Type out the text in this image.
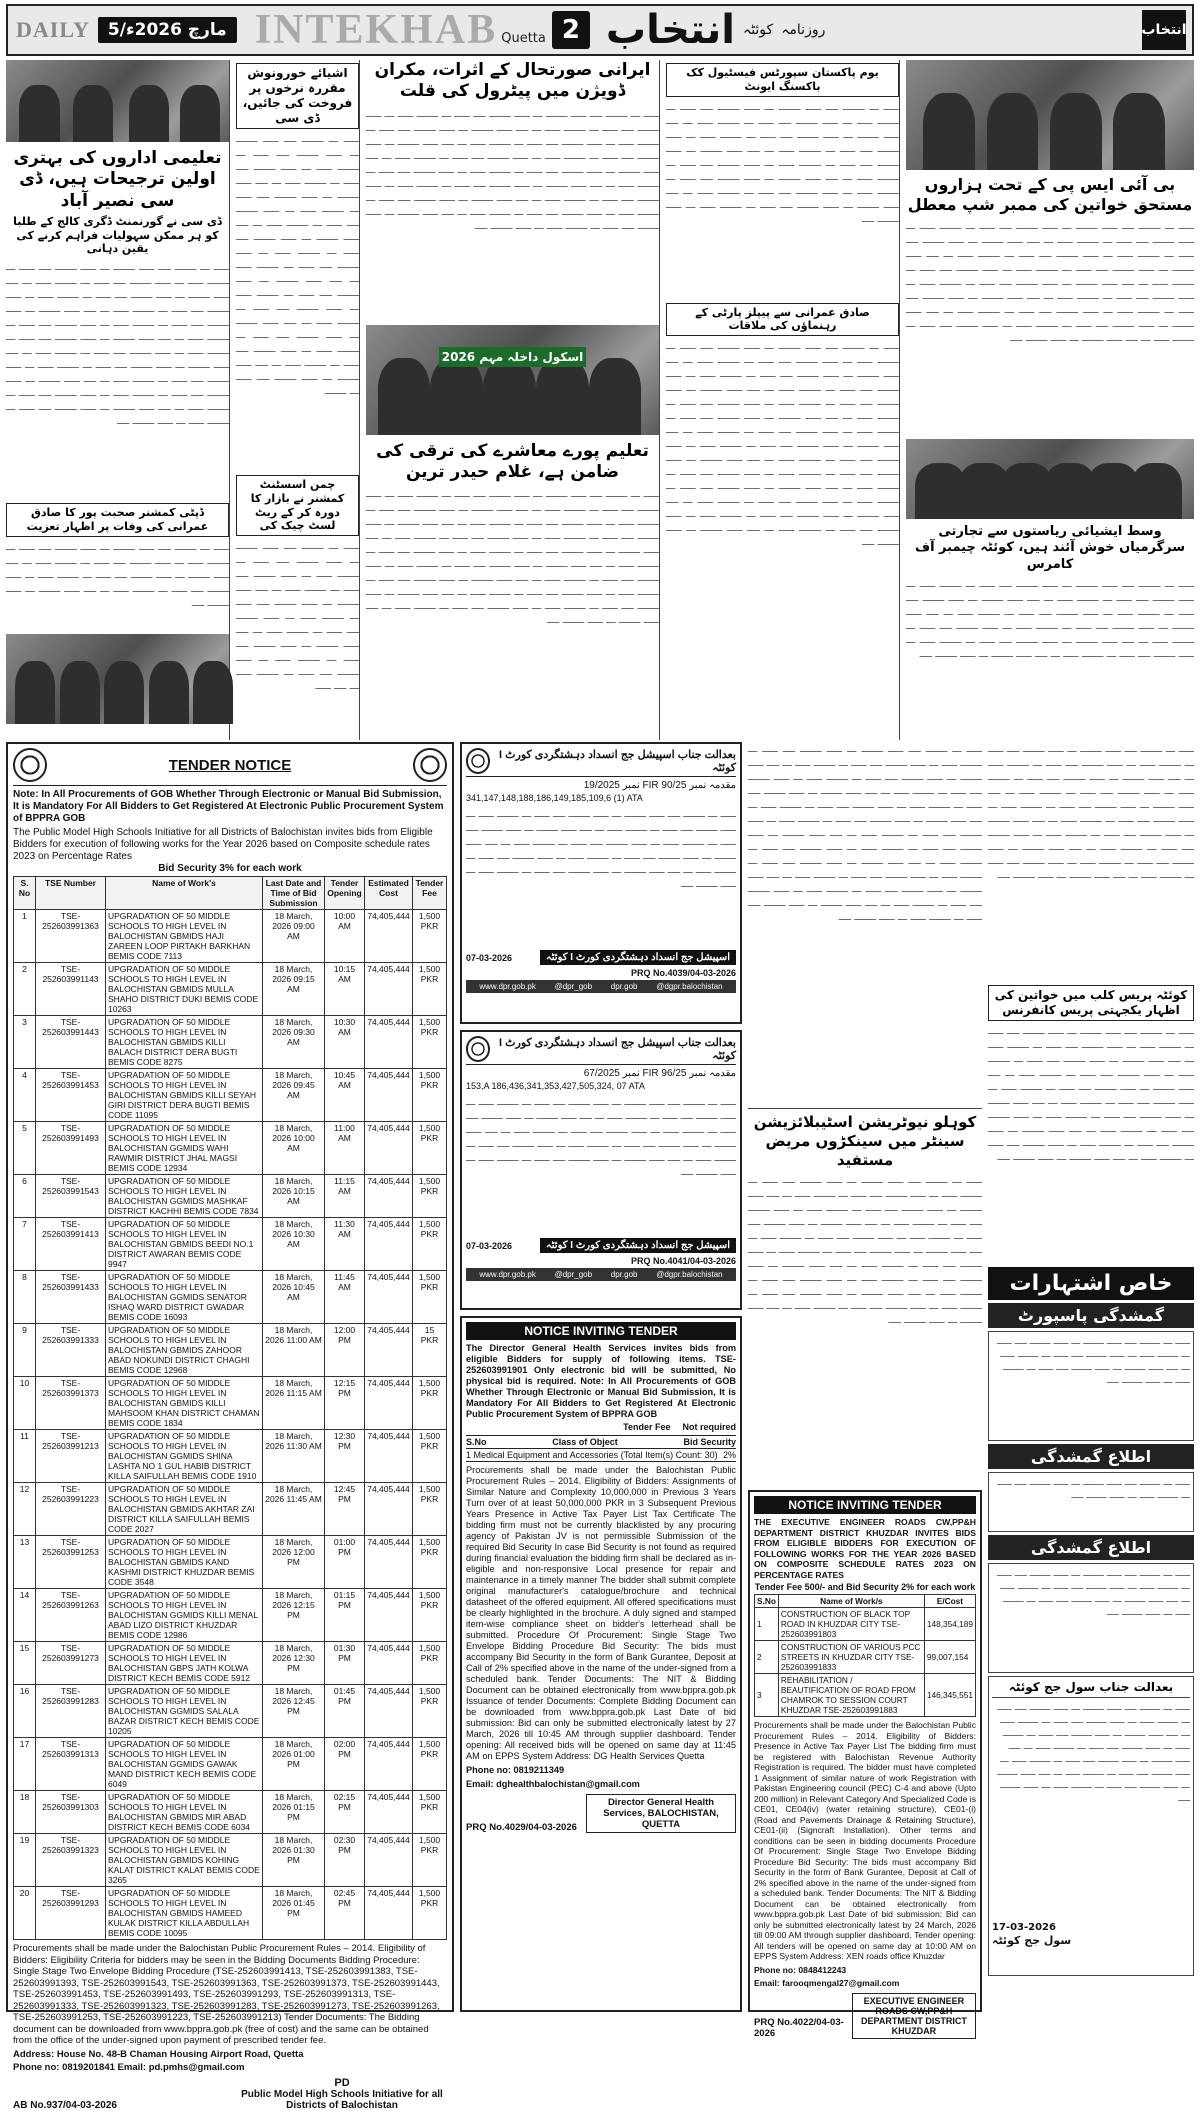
DAILY	5/مارچ 2026ء INTEKHAB Quetta 2 انتخاب کوئٹہ روزنامہ	انتخاب
تعلیمی اداروں کی بہتری اولین ترجیحات ہیں، ڈی سی نصیر آباد
ڈی سی نے گورنمنٹ ڈگری کالج کے طلبا کو ہر ممکن سہولیات فراہم کرنے کی یقین دہانی
ـــــ ـــ ـــــــ ــــ ـــــ ـــــــ ـــ ـــــ ـــــــ ــــ ـــــ ـــ ـــــــ ـــــ ـــ ـــــ ـــــــ ــــ ـــــ ـــ ـــــــ ـــــ ـــ ــــ ـــــ ـــــــ ـــ ـــــ ـــــــ ــــ ـــــ ـــ ـــــــ ـــــ ـــ ـــــ ـــــــ ــــ ـــــ ـــ ـــــــ ـــــ ـــ ــــ ـــــ ـــــــ ـــ ـــــ ـــــــ ــــ ـــــ ـــ ـــــــ ـــــ ـــ ـــــ ـــــــ ــــ ـــــ ـــ ـــــــ ـــــ ـــ ــــ ـــــ ـــــــ ـــ ـــــ ـــــــ ــــ ـــــ ـــ ـــــــ ـــــ ـــ ـــــ ـــــــ ــــ ـــــ ـــ ـــــــ ـــــ ـــ ــــ ـــــ ـــــــ ـــ ـــــ ـــــــ ــــ ـــــ ـــ ـــــــ ـــــ ـــ ـــــ ـــــــ ــــ ـــــ ـــ ـــــــ ـــــ ـــ ــــ ـــــ ـــــــ ـــ ـــــ ـــــــ ــــ ـــــ ـــ ـــــــ ـــــ ـــ ـــــ ـــــــ ــــ ـــــ ـــ ـــــــ ـــــ ـــ ــــ ـــــ ـــــــ ـــ ـــــ ـــــــ ــــ ـــــ ـــ ـــــــ ـــــ ـــ ـــــ ـــــــ ــــ
ڈپٹی کمشنر صحبت پور کا صادق عمرانی کی وفات پر اظہار تعزیت
ـــــ ـــ ـــــــ ــــ ـــــ ـــــــ ـــ ـــــ ـــــــ ــــ ـــــ ـــ ـــــــ ـــــ ـــ ـــــ ـــــــ ــــ ـــــ ـــ ـــــــ ـــــ ـــ ــــ ـــــ ـــــــ ـــ ـــــ ـــــــ ــــ ـــــ ـــ ـــــــ ـــــ ـــ ـــــ ـــــــ ــــ ـــــ ـــ ـــــــ ـــــ ـــ ــــ ـــــ ـــــــ ـــ ـــــ ـــــــ ــــ
اشیائے خورونوش مقررہ نرخوں پر فروخت کی جائیں، ڈی سی
ـــــ ـــ ـــــــ ــــ ـــــ ـــــــ ـــ ـــــ ـــــــ ــــ ـــــ ـــ ـــــــ ـــــ ـــ ـــــ ـــــــ ــــ ـــــ ـــ ـــــــ ـــــ ـــ ــــ ـــــ ـــــــ ـــ ـــــ ـــــــ ــــ ـــــ ـــ ـــــــ ـــــ ـــ ـــــ ـــــــ ــــ ـــــ ـــ ـــــــ ـــــ ـــ ــــ ـــــ ـــــــ ـــ ـــــ ـــــــ ــــ ـــــ ـــ ـــــــ ـــــ ـــ ـــــ ـــــــ ــــ ـــــ ـــ ـــــــ ـــــ ـــ ــــ ـــــ ـــــــ ـــ ـــــ ـــــــ ــــ ـــــ ـــ ـــــــ ـــــ ـــ ـــــ ـــــــ ــــ ـــــ ـــ ـــــــ ـــــ ـــ ــــ ـــــ ـــــــ ـــ ـــــ ـــــــ ــــ ـــــ ـــ ـــــــ ـــــ ـــ ـــــ ـــــــ ــــ ـــــ ـــ ـــــــ ـــــ ـــ ــــ ـــــ ـــــــ ـــ ـــــ ـــــــ ــــ ـــــ ـــ ـــــــ
چمن اسسٹنٹ کمشنر نے بازار کا دورہ کر کے ریٹ لسٹ چیک کی
ـــــ ـــ ـــــــ ــــ ـــــ ـــــــ ـــ ـــــ ـــــــ ــــ ـــــ ـــ ـــــــ ـــــ ـــ ـــــ ـــــــ ــــ ـــــ ـــ ـــــــ ـــــ ـــ ــــ ـــــ ـــــــ ـــ ـــــ ـــــــ ــــ ـــــ ـــ ـــــــ ـــــ ـــ ـــــ ـــــــ ــــ ـــــ ـــ ـــــــ ـــــ ـــ ــــ ـــــ ـــــــ ـــ ـــــ ـــــــ ــــ ـــــ ـــ ـــــــ ـــــ ـــ ـــــ ـــــــ ــــ ـــــ ـــ ـــــــ ـــــ ـــ ــــ ـــــ
ایرانی صورتحال کے اثرات، مکران ڈویژن میں پیٹرول کی قلت
ـــــ ـــ ـــــــ ــــ ـــــ ـــــــ ـــ ـــــ ـــــــ ــــ ـــــ ـــ ـــــــ ـــــ ـــ ـــــ ـــــــ ــــ ـــــ ـــ ـــــــ ـــــ ـــ ــــ ـــــ ـــــــ ـــ ـــــ ـــــــ ــــ ـــــ ـــ ـــــــ ـــــ ـــ ـــــ ـــــــ ــــ ـــــ ـــ ـــــــ ـــــ ـــ ــــ ـــــ ـــــــ ـــ ـــــ ـــــــ ــــ ـــــ ـــ ـــــــ ـــــ ـــ ـــــ ـــــــ ــــ ـــــ ـــ ـــــــ ـــــ ـــ ــــ ـــــ ـــــــ ـــ ـــــ ـــــــ ــــ ـــــ ـــ ـــــــ ـــــ ـــ ـــــ ـــــــ ــــ ـــــ ـــ ـــــــ ـــــ ـــ ــــ ـــــ ـــــــ ـــ ـــــ ـــــــ ــــ ـــــ ـــ ـــــــ ـــــ ـــ ـــــ ـــــــ ــــ ـــــ ـــ ـــــــ ـــــ ـــ ــــ ـــــ ـــــــ ـــ ـــــ ـــــــ ــــ ـــــ ـــ ـــــــ ـــــ ـــ ـــــ ـــــــ ــــ ـــــ ـــ ـــــــ ـــــ ـــ ــــ ـــــ ـــــــ ـــ ـــــ ـــــــ ــــ ـــــ ـــ ـــــــ ـــــ ـــ ـــــ ـــــــ ــــ
اسکول داخلہ مہم 2026
تعلیم پورے معاشرے کی ترقی کی ضامن ہے، غلام حیدر ترین
ـــــ ـــ ـــــــ ــــ ـــــ ـــــــ ـــ ـــــ ـــــــ ــــ ـــــ ـــ ـــــــ ـــــ ـــ ـــــ ـــــــ ــــ ـــــ ـــ ـــــــ ـــــ ـــ ــــ ـــــ ـــــــ ـــ ـــــ ـــــــ ــــ ـــــ ـــ ـــــــ ـــــ ـــ ـــــ ـــــــ ــــ ـــــ ـــ ـــــــ ـــــ ـــ ــــ ـــــ ـــــــ ـــ ـــــ ـــــــ ــــ ـــــ ـــ ـــــــ ـــــ ـــ ـــــ ـــــــ ــــ ـــــ ـــ ـــــــ ـــــ ـــ ــــ ـــــ ـــــــ ـــ ـــــ ـــــــ ــــ ـــــ ـــ ـــــــ ـــــ ـــ ـــــ ـــــــ ــــ ـــــ ـــ ـــــــ ـــــ ـــ ــــ ـــــ ـــــــ ـــ ـــــ ـــــــ ــــ ـــــ ـــ ـــــــ ـــــ ـــ ـــــ ـــــــ ــــ ـــــ ـــ ـــــــ ـــــ ـــ ــــ ـــــ ـــــــ ـــ ـــــ ـــــــ ــــ ـــــ ـــ ـــــــ ـــــ ـــ ـــــ ـــــــ ــــ ـــــ ـــ ـــــــ ـــــ ـــ ــــ ـــــ ـــــــ ـــ ـــــ ـــــــ ــــ ـــــ ـــ ـــــــ ـــــ ـــ ـــــ ـــــــ ــــ ـــــ ـــ ـــــــ ـــــ ـــ ــــ ـــــ ـــــــ ـــ ـــــ ـــــــ ــــ
یوم پاکستان سپورٹس فیسٹیول کک باکسنگ ایونٹ
ـــــ ـــ ـــــــ ــــ ـــــ ـــــــ ـــ ـــــ ـــــــ ــــ ـــــ ـــ ـــــــ ـــــ ـــ ـــــ ـــــــ ــــ ـــــ ـــ ـــــــ ـــــ ـــ ــــ ـــــ ـــــــ ـــ ـــــ ـــــــ ــــ ـــــ ـــ ـــــــ ـــــ ـــ ـــــ ـــــــ ــــ ـــــ ـــ ـــــــ ـــــ ـــ ــــ ـــــ ـــــــ ـــ ـــــ ـــــــ ــــ ـــــ ـــ ـــــــ ـــــ ـــ ـــــ ـــــــ ــــ ـــــ ـــ ـــــــ ـــــ ـــ ــــ ـــــ ـــــــ ـــ ـــــ ـــــــ ــــ ـــــ ـــ ـــــــ ـــــ ـــ ـــــ ـــــــ ــــ ـــــ ـــ ـــــــ ـــــ ـــ ــــ ـــــ ـــــــ ـــ ـــــ ـــــــ ــــ ـــــ ـــ ـــــــ ـــــ ـــ ـــــ ـــــــ ــــ
صادق عمرانی سے پیپلز پارٹی کے رہنماؤں کی ملاقات
ـــــ ـــ ـــــــ ــــ ـــــ ـــــــ ـــ ـــــ ـــــــ ــــ ـــــ ـــ ـــــــ ـــــ ـــ ـــــ ـــــــ ــــ ـــــ ـــ ـــــــ ـــــ ـــ ــــ ـــــ ـــــــ ـــ ـــــ ـــــــ ــــ ـــــ ـــ ـــــــ ـــــ ـــ ـــــ ـــــــ ــــ ـــــ ـــ ـــــــ ـــــ ـــ ــــ ـــــ ـــــــ ـــ ـــــ ـــــــ ــــ ـــــ ـــ ـــــــ ـــــ ـــ ـــــ ـــــــ ــــ ـــــ ـــ ـــــــ ـــــ ـــ ــــ ـــــ ـــــــ ـــ ـــــ ـــــــ ــــ ـــــ ـــ ـــــــ ـــــ ـــ ـــــ ـــــــ ــــ ـــــ ـــ ـــــــ ـــــ ـــ ــــ ـــــ ـــــــ ـــ ـــــ ـــــــ ــــ ـــــ ـــ ـــــــ ـــــ ـــ ـــــ ـــــــ ــــ ـــــ ـــ ـــــــ ـــــ ـــ ــــ ـــــ ـــــــ ـــ ـــــ ـــــــ ــــ ـــــ ـــ ـــــــ ـــــ ـــ ـــــ ـــــــ ــــ ـــــ ـــ ـــــــ ـــــ ـــ ــــ ـــــ ـــــــ ـــ ـــــ ـــــــ ــــ ـــــ ـــ ـــــــ ـــــ ـــ ـــــ ـــــــ ــــ ـــــ ـــ ـــــــ ـــــ ـــ ــــ ـــــ ـــــــ ـــ ـــــ ـــــــ ــــ ـــــ ـــ ـــــــ ـــــ ـــ ـــــ ـــــــ ــــ ـــــ ـــ ـــــــ ـــــ ـــ ــــ ـــــ ـــــــ ـــ ـــــ ـــــــ ــــ
بی آئی ایس پی کے تحت ہزاروں مستحق خواتین کی ممبر شپ معطل
ـــــ ـــ ـــــــ ــــ ـــــ ـــــــ ـــ ـــــ ـــــــ ــــ ـــــ ـــ ـــــــ ـــــ ـــ ـــــ ـــــــ ــــ ـــــ ـــ ـــــــ ـــــ ـــ ــــ ـــــ ـــــــ ـــ ـــــ ـــــــ ــــ ـــــ ـــ ـــــــ ـــــ ـــ ـــــ ـــــــ ــــ ـــــ ـــ ـــــــ ـــــ ـــ ــــ ـــــ ـــــــ ـــ ـــــ ـــــــ ــــ ـــــ ـــ ـــــــ ـــــ ـــ ـــــ ـــــــ ــــ ـــــ ـــ ـــــــ ـــــ ـــ ــــ ـــــ ـــــــ ـــ ـــــ ـــــــ ــــ ـــــ ـــ ـــــــ ـــــ ـــ ـــــ ـــــــ ــــ ـــــ ـــ ـــــــ ـــــ ـــ ــــ ـــــ ـــــــ ـــ ـــــ ـــــــ ــــ ـــــ ـــ ـــــــ ـــــ ـــ ـــــ ـــــــ ــــ ـــــ ـــ ـــــــ ـــــ ـــ ــــ ـــــ ـــــــ ـــ ـــــ ـــــــ ــــ ـــــ ـــ ـــــــ ـــــ ـــ ـــــ ـــــــ ــــ ـــــ ـــ ـــــــ ـــــ ـــ ــــ ـــــ ـــــــ ـــ ـــــ ـــــــ ــــ
وسط ایشیائی ریاستوں سے تجارتی سرگرمیاں خوش آئند ہیں، کوئٹہ چیمبر آف کامرس
ـــــ ـــ ـــــــ ــــ ـــــ ـــــــ ـــ ـــــ ـــــــ ــــ ـــــ ـــ ـــــــ ـــــ ـــ ـــــ ـــــــ ــــ ـــــ ـــ ـــــــ ـــــ ـــ ــــ ـــــ ـــــــ ـــ ـــــ ـــــــ ــــ ـــــ ـــ ـــــــ ـــــ ـــ ـــــ ـــــــ ــــ ـــــ ـــ ـــــــ ـــــ ـــ ــــ ـــــ ـــــــ ـــ ـــــ ـــــــ ــــ ـــــ ـــ ـــــــ ـــــ ـــ ـــــ ـــــــ ــــ ـــــ ـــ ـــــــ ـــــ ـــ ــــ ـــــ ـــــــ ـــ ـــــ ـــــــ ــــ ـــــ ـــ ـــــــ ـــــ ـــ ـــــ ـــــــ ــــ ـــــ ـــ ـــــــ ـــــ ـــ ــــ ـــــ ـــــــ ـــ ـــــ ـــــــ ــــ
TENDER NOTICE
Note: In All Procurements of GOB Whether Through Electronic or Manual Bid Submission, It is Mandatory For All Bidders to Get Registered At Electronic Public Procurement System of BPPRA GOB
The Public Model High Schools Initiative for all Districts of Balochistan invites bids from Eligible Bidders for execution of following works for the Year 2026 based on Composite schedule rates 2023 on Percentage Rates
Bid Security 3% for each work
S. No	TSE Number	Name of Work's	Last Date and Time of Bid Submission	Tender Opening	Estimated Cost	Tender Fee
1	TSE-252603991363	UPGRADATION OF 50 MIDDLE SCHOOLS TO HIGH LEVEL IN BALOCHISTAN GBMIDS HAJI ZAREEN LOOP PIRTAKH BARKHAN BEMIS CODE 7113	18 March, 2026 09:00 AM	10:00 AM	74,405,444	1,500 PKR
2	TSE-252603991143	UPGRADATION OF 50 MIDDLE SCHOOLS TO HIGH LEVEL IN BALOCHISTAN GBMIDS MULLA SHAHO DISTRICT DUKI BEMIS CODE 10263	18 March, 2026 09:15 AM	10:15 AM	74,405,444	1,500 PKR
3	TSE-252603991443	UPGRADATION OF 50 MIDDLE SCHOOLS TO HIGH LEVEL IN BALOCHISTAN GBMIDS KILLI BALACH DISTRICT DERA BUGTI BEMIS CODE 8275	18 March, 2026 09:30 AM	10:30 AM	74,405,444	1,500 PKR
4	TSE-252603991453	UPGRADATION OF 50 MIDDLE SCHOOLS TO HIGH LEVEL IN BALOCHISTAN GBMIDS KILLI SEYAH GIRI DISTRICT DERA BUGTI BEMIS CODE 11095	18 March, 2026 09:45 AM	10:45 AM	74,405,444	1,500 PKR
5	TSE-252603991493	UPGRADATION OF 50 MIDDLE SCHOOLS TO HIGH LEVEL IN BALOCHISTAN GGMIDS WAHI RAWMIR DISTRICT JHAL MAGSI BEMIS CODE 12934	18 March, 2026 10:00 AM	11:00 AM	74,405,444	1,500 PKR
6	TSE-252603991543	UPGRADATION OF 50 MIDDLE SCHOOLS TO HIGH LEVEL IN BALOCHISTAN GGMIDS MASHKAF DISTRICT KACHHI BEMIS CODE 7834	18 March, 2026 10:15 AM	11:15 AM	74,405,444	1,500 PKR
7	TSE-252603991413	UPGRADATION OF 50 MIDDLE SCHOOLS TO HIGH LEVEL IN BALOCHISTAN GBMIDS BEEDI NO.1 DISTRICT AWARAN BEMIS CODE 9947	18 March, 2026 10:30 AM	11:30 AM	74,405,444	1,500 PKR
8	TSE-252603991433	UPGRADATION OF 50 MIDDLE SCHOOLS TO HIGH LEVEL IN BALOCHISTAN GGMIDS SENATOR ISHAQ WARD DISTRICT GWADAR BEMIS CODE 16093	18 March, 2026 10:45 AM	11:45 AM	74,405,444	1,500 PKR
9	TSE-252603991333	UPGRADATION OF 50 MIDDLE SCHOOLS TO HIGH LEVEL IN BALOCHISTAN GBMIDS ZAHOOR ABAD NOKUNDI DISTRICT CHAGHI BEMIS CODE 12968	18 March, 2026 11:00 AM	12:00 PM	74,405,444	15 PKR
10	TSE-252603991373	UPGRADATION OF 50 MIDDLE SCHOOLS TO HIGH LEVEL IN BALOCHISTAN GBMIDS KILLI MAHSOOM KHAN DISTRICT CHAMAN BEMIS CODE 1834	18 March, 2026 11:15 AM	12:15 PM	74,405,444	1,500 PKR
11	TSE-252603991213	UPGRADATION OF 50 MIDDLE SCHOOLS TO HIGH LEVEL IN BALOCHISTAN GGMIDS SHINA LASHTA NO 1 GUL HABIB DISTRICT KILLA SAIFULLAH BEMIS CODE 1910	18 March, 2026 11:30 AM	12:30 PM	74,405,444	1,500 PKR
12	TSE-252603991223	UPGRADATION OF 50 MIDDLE SCHOOLS TO HIGH LEVEL IN BALOCHISTAN GBMIDS AKHTAR ZAI DISTRICT KILLA SAIFULLAH BEMIS CODE 2027	18 March, 2026 11:45 AM	12:45 PM	74,405,444	1,500 PKR
13	TSE-252603991253	UPGRADATION OF 50 MIDDLE SCHOOLS TO HIGH LEVEL IN BALOCHISTAN GBMIDS KAND KASHMI DISTRICT KHUZDAR BEMIS CODE 3548	18 March, 2026 12:00 PM	01:00 PM	74,405,444	1,500 PKR
14	TSE-252603991263	UPGRADATION OF 50 MIDDLE SCHOOLS TO HIGH LEVEL IN BALOCHISTAN GGMIDS KILLI MENAL ABAD LIZO DISTRICT KHUZDAR BEMIS CODE 12986	18 March, 2026 12:15 PM	01:15 PM	74,405,444	1,500 PKR
15	TSE-252603991273	UPGRADATION OF 50 MIDDLE SCHOOLS TO HIGH LEVEL IN BALOCHISTAN GBPS JATH KOLWA DISTRICT KECH BEMIS CODE 5912	18 March, 2026 12:30 PM	01:30 PM	74,405,444	1,500 PKR
16	TSE-252603991283	UPGRADATION OF 50 MIDDLE SCHOOLS TO HIGH LEVEL IN BALOCHISTAN GGMIDS SALALA BAZAR DISTRICT KECH BEMIS CODE 10205	18 March, 2026 12:45 PM	01:45 PM	74,405,444	1,500 PKR
17	TSE-252603991313	UPGRADATION OF 50 MIDDLE SCHOOLS TO HIGH LEVEL IN BALOCHISTAN GGMIDS GAWAK MAND DISTRICT KECH BEMIS CODE 6049	18 March, 2026 01:00 PM	02:00 PM	74,405,444	1,500 PKR
18	TSE-252603991303	UPGRADATION OF 50 MIDDLE SCHOOLS TO HIGH LEVEL IN BALOCHISTAN GBMIDS MIR ABAD DISTRICT KECH BEMIS CODE 6034	18 March, 2026 01:15 PM	02:15 PM	74,405,444	1,500 PKR
19	TSE-252603991323	UPGRADATION OF 50 MIDDLE SCHOOLS TO HIGH LEVEL IN BALOCHISTAN GBMIDS KOHING KALAT DISTRICT KALAT BEMIS CODE 3265	18 March, 2026 01:30 PM	02:30 PM	74,405,444	1,500 PKR
20	TSE-252603991293	UPGRADATION OF 50 MIDDLE SCHOOLS TO HIGH LEVEL IN BALOCHISTAN GBMIDS HAMEED KULAK DISTRICT KILLA ABDULLAH BEMIS CODE 10095	18 March, 2026 01:45 PM	02:45 PM	74,405,444	1,500 PKR
Procurements shall be made under the Balochistan Public Procurement Rules – 2014. Eligibility of Bidders: Eligibility Criteria for bidders may be seen in the Bidding Documents Bidding Procedure: Single Stage Two Envelope Bidding Procedure (TSE-252603991413, TSE-252603991383, TSE-252603991393, TSE-252603991543, TSE-252603991363, TSE-252603991373, TSE-252603991443, TSE-252603991453, TSE-252603991493, TSE-252603991293, TSE-252603991313, TSE-252603991333, TSE-252603991323, TSE-252603991283, TSE-252603991273, TSE-252603991263, TSE-252603991253, TSE-252603991223, TSE-252603991213) Tender Documents: The Bidding document can be downloaded from www.bppra.gob.pk (free of cost) and the same can be obtained from the office of the under-signed upon payment of prescribed tender fee.
Address: House No. 48-B Chaman Housing Airport Road, Quetta
Phone no: 0819201841 Email: pd.pmhs@gmail.com
AB No.937/04-03-2026
PD
Public Model High Schools Initiative for all Districts of Balochistan
بعدالت جناب اسپیشل جج انسداد دہشتگردی کورٹ I کوئٹہ
مقدمہ نمبر 90/25 FIR نمبر 19/2025
341,147,148,188,186,149,185,109,6 (1) ATA
ـــــ ـــ ـــــــ ــــ ـــــ ـــــــ ـــ ـــــ ـــــــ ــــ ـــــ ـــ ـــــــ ـــــ ـــ ـــــ ـــــــ ــــ ـــــ ـــ ـــــــ ـــــ ـــ ــــ ـــــ ـــــــ ـــ ـــــ ـــــــ ــــ ـــــ ـــ ـــــــ ـــــ ـــ ـــــ ـــــــ ــــ ـــــ ـــ ـــــــ ـــــ ـــ ــــ ـــــ ـــــــ ـــ ـــــ ـــــــ ــــ ـــــ ـــ ـــــــ ـــــ ـــ ـــــ ـــــــ ــــ ـــــ ـــ ـــــــ ـــــ ـــ ــــ ـــــ ـــــــ ـــ ـــــ ـــــــ ــــ ـــــ ـــ ـــــــ ـــــ ـــ ـــــ ـــــــ ــــ
07-03-2026	اسپیشل جج انسداد دہشتگردی کورٹ I کوئٹہ
PRQ No.4039/04-03-2026
www.dpr.gob.pk @dpr_gob dpr.gob @dgpr.balochistan
بعدالت جناب اسپیشل جج انسداد دہشتگردی کورٹ I کوئٹہ
مقدمہ نمبر 96/25 FIR نمبر 67/2025
153,A 186,436,341,353,427,505,324, 07 ATA
ـــــ ـــ ـــــــ ــــ ـــــ ـــــــ ـــ ـــــ ـــــــ ــــ ـــــ ـــ ـــــــ ـــــ ـــ ـــــ ـــــــ ــــ ـــــ ـــ ـــــــ ـــــ ـــ ــــ ـــــ ـــــــ ـــ ـــــ ـــــــ ــــ ـــــ ـــ ـــــــ ـــــ ـــ ـــــ ـــــــ ــــ ـــــ ـــ ـــــــ ـــــ ـــ ــــ ـــــ ـــــــ ـــ ـــــ ـــــــ ــــ ـــــ ـــ ـــــــ ـــــ ـــ ـــــ ـــــــ ــــ ـــــ ـــ ـــــــ ـــــ ـــ ــــ ـــــ ـــــــ ـــ ـــــ ـــــــ ــــ ـــــ ـــ ـــــــ ـــــ ـــ ـــــ ـــــــ ــــ
07-03-2026	اسپیشل جج انسداد دہشتگردی کورٹ I کوئٹہ
PRQ No.4041/04-03-2026
www.dpr.gob.pk @dpr_gob dpr.gob @dgpr.balochistan
NOTICE INVITING TENDER
The Director General Health Services invites bids from eligible Bidders for supply of following items. TSE-252603991901 Only electronic bid will be submitted, No physical bid is required. Note: In All Procurements of GOB Whether Through Electronic or Manual Bid Submission, It is Mandatory For All Bidders to Get Registered At Electronic Public Procurement System of BPPRA GOB
Tender Fee Not required
S.No	Class of Object	Bid Security
1 Medical Equipment and Accessories (Total Item(s) Count: 30) 2%
Procurements shall be made under the Balochistan Public Procurement Rules – 2014. Eligibility of Bidders: Assignments of Similar Nature and Complexity 10,000,000 in Previous 3 Years Turn over of at least 50,000,000 PKR in 3 Subsequent Previous Years Presence in Active Tax Payer List Tax Certificate The bidding firm must not be currently blacklisted by any procuring agency of Pakistan JV is not permissible Submission of the required Bid Security In case Bid Security is not found as required during financial evaluation the bidding firm shall be declared as in-eligible and non-responsive Local presence for repair and maintenance in a timely manner The bidder shall submit complete original manufacturer's catalogue/brochure and technical datasheet of the offered equipment. All offered specifications must be clearly highlighted in the brochure. A duly signed and stamped item-wise compliance sheet on bidder's letterhead shall be submitted. Procedure Of Procurement: Single Stage Two Envelope Bidding Procedure Bid Security: The bids must accompany Bid Security in the form of Bank Gurantee, Deposit at Call of 2% specified above in the name of the under-signed from a scheduled bank. Tender Documents: The NIT & Bidding Document can be obtained electronically from www.bppra.gob.pk Issuance of tender Documents: Complete Bidding Document can be downloaded from www.bppra.gob.pk Last Date of bid submission: Bid can only be submitted electronically latest by 27 March, 2026 till 10:45 AM through supplier dashboard. Tender opening: All received bids will be opened on same day at 11:45 AM on EPPS System Address: DG Health Services Quetta
Phone no: 0819211349
Email: dghealthbalochistan@gmail.com
PRQ No.4029/04-03-2026
Director General Health Services, BALOCHISTAN, QUETTA
ـــــ ـــ ـــــــ ــــ ـــــ ـــــــ ـــ ـــــ ـــــــ ــــ ـــــ ـــ ـــــــ ـــــ ـــ ـــــ ـــــــ ــــ ـــــ ـــ ـــــــ ـــــ ـــ ــــ ـــــ ـــــــ ـــ ـــــ ـــــــ ــــ ـــــ ـــ ـــــــ ـــــ ـــ ـــــ ـــــــ ــــ ـــــ ـــ ـــــــ ـــــ ـــ ــــ ـــــ ـــــــ ـــ ـــــ ـــــــ ــــ ـــــ ـــ ـــــــ ـــــ ـــ ـــــ ـــــــ ــــ ـــــ ـــ ـــــــ ـــــ ـــ ــــ ـــــ ـــــــ ـــ ـــــ ـــــــ ــــ ـــــ ـــ ـــــــ ـــــ ـــ ـــــ ـــــــ ــــ ـــــ ـــ ـــــــ ـــــ ـــ ــــ ـــــ ـــــــ ـــ ـــــ ـــــــ ــــ ـــــ ـــ ـــــــ ـــــ ـــ ـــــ ـــــــ ــــ ـــــ ـــ ـــــــ ـــــ ـــ ــــ ـــــ ـــــــ ـــ ـــــ ـــــــ ــــ ـــــ ـــ ـــــــ ـــــ ـــ ـــــ ـــــــ ــــ ـــــ ـــ ـــــــ ـــــ ـــ ــــ ـــــ ـــــــ ـــ ـــــ ـــــــ ــــ ـــــ ـــ ـــــــ ـــــ ـــ ـــــ ـــــــ ــــ ـــــ ـــ ـــــــ ـــــ ـــ ــــ ـــــ ـــــــ ـــ ـــــ ـــــــ ــــ ـــــ ـــ ـــــــ ـــــ ـــ ـــــ ـــــــ ــــ
کوہلو نیوٹریشن اسٹیبلائزیشن سینٹر میں سینکڑوں مریض مستفید
ـــــ ـــ ـــــــ ــــ ـــــ ـــــــ ـــ ـــــ ـــــــ ــــ ـــــ ـــ ـــــــ ـــــ ـــ ـــــ ـــــــ ــــ ـــــ ـــ ـــــــ ـــــ ـــ ــــ ـــــ ـــــــ ـــ ـــــ ـــــــ ــــ ـــــ ـــ ـــــــ ـــــ ـــ ـــــ ـــــــ ــــ ـــــ ـــ ـــــــ ـــــ ـــ ــــ ـــــ ـــــــ ـــ ـــــ ـــــــ ــــ ـــــ ـــ ـــــــ ـــــ ـــ ـــــ ـــــــ ــــ ـــــ ـــ ـــــــ ـــــ ـــ ــــ ـــــ ـــــــ ـــ ـــــ ـــــــ ــــ ـــــ ـــ ـــــــ ـــــ ـــ ـــــ ـــــــ ــــ ـــــ ـــ ـــــــ ـــــ ـــ ــــ ـــــ ـــــــ ـــ ـــــ ـــــــ ــــ ـــــ ـــ ـــــــ ـــــ ـــ ـــــ ـــــــ ــــ ـــــ ـــ ـــــــ ـــــ ـــ ــــ ـــــ ـــــــ ـــ ـــــ ـــــــ ــــ ـــــ ـــ ـــــــ ـــــ ـــ ـــــ ـــــــ ــــ ـــــ ـــ ـــــــ ـــــ ـــ ــــ ـــــ ـــــــ ـــ ـــــ ـــــــ ــــ
NOTICE INVITING TENDER
THE EXECUTIVE ENGINEER ROADS CW,PP&H DEPARTMENT DISTRICT KHUZDAR INVITES BIDS FROM ELIGIBLE BIDDERS FOR EXECUTION OF FOLLOWING WORKS FOR THE YEAR 2026 BASED ON COMPOSITE SCHEDULE RATES 2023 ON PERCENTAGE RATES
Tender Fee 500/- and Bid Security 2% for each work
S.No	Name of Work/s	E/Cost
1	CONSTRUCTION OF BLACK TOP ROAD IN KHUZDAR CITY TSE-252603991803	148,354,189
2	CONSTRUCTION OF VARIOUS PCC STREETS IN KHUZDAR CITY TSE-252603991833	99,007,154
3	REHABILITATION / BEAUTIFICATION OF ROAD FROM CHAMROK TO SESSION COURT KHUZDAR TSE-252603991883	146,345,551
Procurements shall be made under the Balochistan Public Procurement Rules – 2014. Eligibility of Bidders: Presence in Active Tax Payer List The bidding firm must be registered with Balochistan Revenue Authority Registration is required. The bidder must have completed 1 Assignment of similar nature of work Registration with Pakistan Engineering council (PEC) C-4 and above (Upto 200 million) in Relevant Category And Specialized Code is CE01, CE04(iv) (water retaining structure), CE01-(i) (Road and Pavements Drainage & Retaining Structure), CE01-(ii) (Signcraft Installation). Other terms and conditions can be seen in bidding documents Procedure Of Procurement: Single Stage Two Envelope Bidding Procedure Bid Security: The bids must accompany Bid Security in the form of Bank Gurantee, Deposit at Call of 2% specified above in the name of the under-signed from a scheduled bank. Tender Documents: The NIT & Bidding Document can be obtained electronically from www.bppra.gob.pk Last Date of bid submission: Bid can only be submitted electronically latest by 24 March, 2026 till 09:00 AM through supplier dashboard. Tender opening: All tenders will be opened on same day at 10:00 AM on EPPS System Address: XEN roads office Khuzdar
Phone no: 0848412243
Email: farooqmengal27@gmail.com
PRQ No.4022/04-03-2026
EXECUTIVE ENGINEER ROADS CW,PP&H DEPARTMENT DISTRICT KHUZDAR
ـــــ ـــ ـــــــ ــــ ـــــ ـــــــ ـــ ـــــ ـــــــ ــــ ـــــ ـــ ـــــــ ـــــ ـــ ـــــ ـــــــ ــــ ـــــ ـــ ـــــــ ـــــ ـــ ــــ ـــــ ـــــــ ـــ ـــــ ـــــــ ــــ ـــــ ـــ ـــــــ ـــــ ـــ ـــــ ـــــــ ــــ ـــــ ـــ ـــــــ ـــــ ـــ ــــ ـــــ ـــــــ ـــ ـــــ ـــــــ ــــ ـــــ ـــ ـــــــ ـــــ ـــ ـــــ ـــــــ ــــ ـــــ ـــ ـــــــ ـــــ ـــ ــــ ـــــ ـــــــ ـــ ـــــ ـــــــ ــــ ـــــ ـــ ـــــــ ـــــ ـــ ـــــ ـــــــ ــــ ـــــ ـــ ـــــــ ـــــ ـــ ــــ ـــــ ـــــــ ـــ ـــــ ـــــــ ــــ ـــــ ـــ ـــــــ ـــــ ـــ ـــــ ـــــــ ــــ ـــــ ـــ ـــــــ ـــــ ـــ ــــ ـــــ ـــــــ ـــ ـــــ ـــــــ ــــ
کوئٹہ پریس کلب میں خواتین کی اظہار یکجہتی پریس کانفرنس
ـــــ ـــ ـــــــ ــــ ـــــ ـــــــ ـــ ـــــ ـــــــ ــــ ـــــ ـــ ـــــــ ـــــ ـــ ـــــ ـــــــ ــــ ـــــ ـــ ـــــــ ـــــ ـــ ــــ ـــــ ـــــــ ـــ ـــــ ـــــــ ــــ ـــــ ـــ ـــــــ ـــــ ـــ ـــــ ـــــــ ــــ ـــــ ـــ ـــــــ ـــــ ـــ ــــ ـــــ ـــــــ ـــ ـــــ ـــــــ ــــ ـــــ ـــ ـــــــ ـــــ ـــ ـــــ ـــــــ ــــ ـــــ ـــ ـــــــ ـــــ ـــ ــــ ـــــ ـــــــ ـــ ـــــ ـــــــ ــــ ـــــ ـــ ـــــــ ـــــ ـــ ـــــ ـــــــ ــــ ـــــ ـــ ـــــــ ـــــ ـــ ــــ ـــــ ـــــــ ـــ ـــــ ـــــــ ــــ ـــــ ـــ ـــــــ ـــــ ـــ ـــــ ـــــــ ــــ ـــــ ـــ ـــــــ ـــــ ـــ ــــ ـــــ ـــــــ ـــ ـــــ ـــــــ ــــ
خاص اشتہارات
گمشدگی پاسپورٹ
ـــــ ـــ ـــــــ ــــ ـــــ ـــــــ ـــ ـــــ ـــــــ ــــ ـــــ ـــ ـــــــ ـــــ ـــ ـــــ ـــــــ ــــ ـــــ ـــ ـــــــ ـــــ ـــ ــــ ـــــ ـــــــ ـــ ـــــ ـــــــ ــــ ـــــ ـــ ـــــــ ـــــ ـــ ـــــ ـــــــ ــــ
اطلاع گمشدگی
ـــــ ـــ ـــــــ ــــ ـــــ ـــــــ ـــ ـــــ ـــــــ ــــ ـــــ ـــ ـــــــ ـــــ ـــ ـــــ ـــــــ ــــ
اطلاع گمشدگی
ـــــ ـــ ـــــــ ــــ ـــــ ـــــــ ـــ ـــــ ـــــــ ــــ ـــــ ـــ ـــــــ ـــــ ـــ ـــــ ـــــــ ــــ ـــــ ـــ ـــــــ ـــــ ـــ ــــ ـــــ ـــــــ ـــ ـــــ ـــــــ ــــ ـــــ ـــ ـــــــ ـــــ ـــ ـــــ ـــــــ ــــ
بعدالت جناب سول جج کوئٹہ
ـــــ ـــ ـــــــ ــــ ـــــ ـــــــ ـــ ـــــ ـــــــ ــــ ـــــ ـــ ـــــــ ـــــ ـــ ـــــ ـــــــ ــــ ـــــ ـــ ـــــــ ـــــ ـــ ــــ ـــــ ـــــــ ـــ ـــــ ـــــــ ــــ ـــــ ـــ ـــــــ ـــــ ـــ ـــــ ـــــــ ــــ ـــــ ـــ ـــــــ ـــــ ـــ ــــ ـــــ ـــــــ ـــ ـــــ ـــــــ ــــ ـــــ ـــ ـــــــ ـــــ ـــ ـــــ ـــــــ ــــ ـــــ ـــ ـــــــ ـــــ ـــ ــــ ـــــ ـــــــ ـــ ـــــ ـــــــ ــــ ـــــ ـــ ـــــــ ـــــ ـــ ـــــ ـــــــ ــــ
17-03-2026
سول جج کوئٹہ
